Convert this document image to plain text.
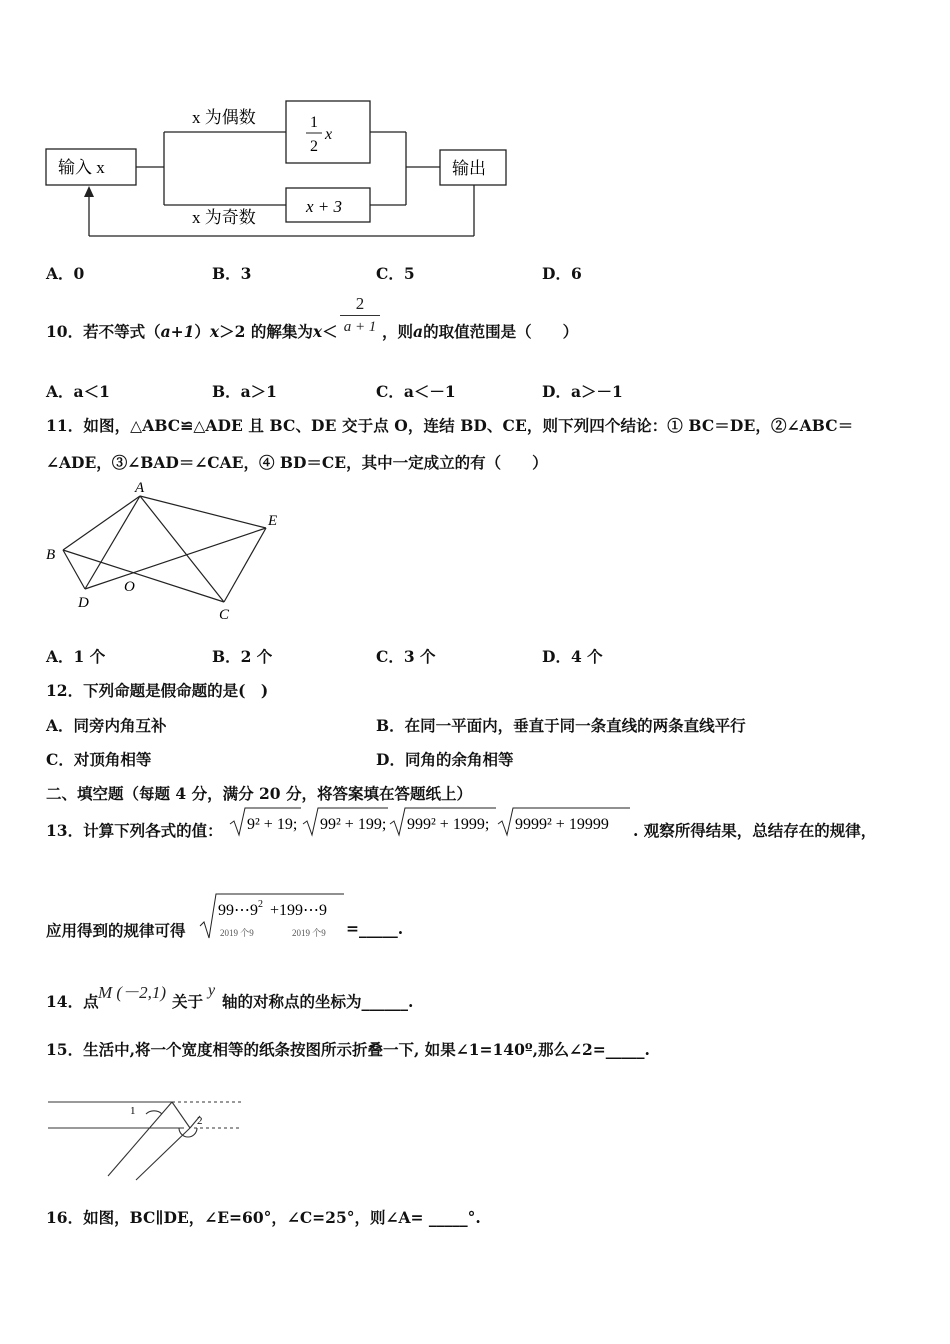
输入 x
x 为偶数
x 为奇数
1
2
x
x + 3
输出
A．0	B．3	C．5	D．6
10．若不等式（a+1）x＞2 的解集为x＜
2
a + 1 ，则a的取值范围是（　　）
A．a＜1	B．a＞1	C．a＜－1	D．a＞－1
11．如图，△ABC≌△ADE 且 BC、DE 交于点 O，连结 BD、CE，则下列四个结论：① BC＝DE，②∠ABC＝
∠ADE，③∠BAD＝∠CAE，④ BD＝CE，其中一定成立的有（　　）
A
B
D
O
C
E
A．1 个	B．2 个	C．3 个	D．4 个
12．下列命题是假命题的是(　)
A．同旁内角互补	B．在同一平面内，垂直于同一条直线的两条直线平行
C．对顶角相等	D．同角的余角相等
二、填空题（每题 4 分，满分 20 分，将答案填在答题纸上）
13．计算下列各式的值： 9² + 19; 99² + 199; 999² + 1999; 9999² + 19999 . 观察所得结果，总结存在的规律，
应用得到的规律可得
99⋯9 2 +199⋯9
2019 个9	2019 个9 =_____.
14．点 M (－2,1) 关于
y
轴的对称点的坐标为______.
15．生活中,将一个宽度相等的纸条按图所示折叠一下, 如果∠1=140º,那么∠2=_____.
1
2
16．如图，BC∥DE，∠E=60°，∠C=25°，则∠A= _____°.
